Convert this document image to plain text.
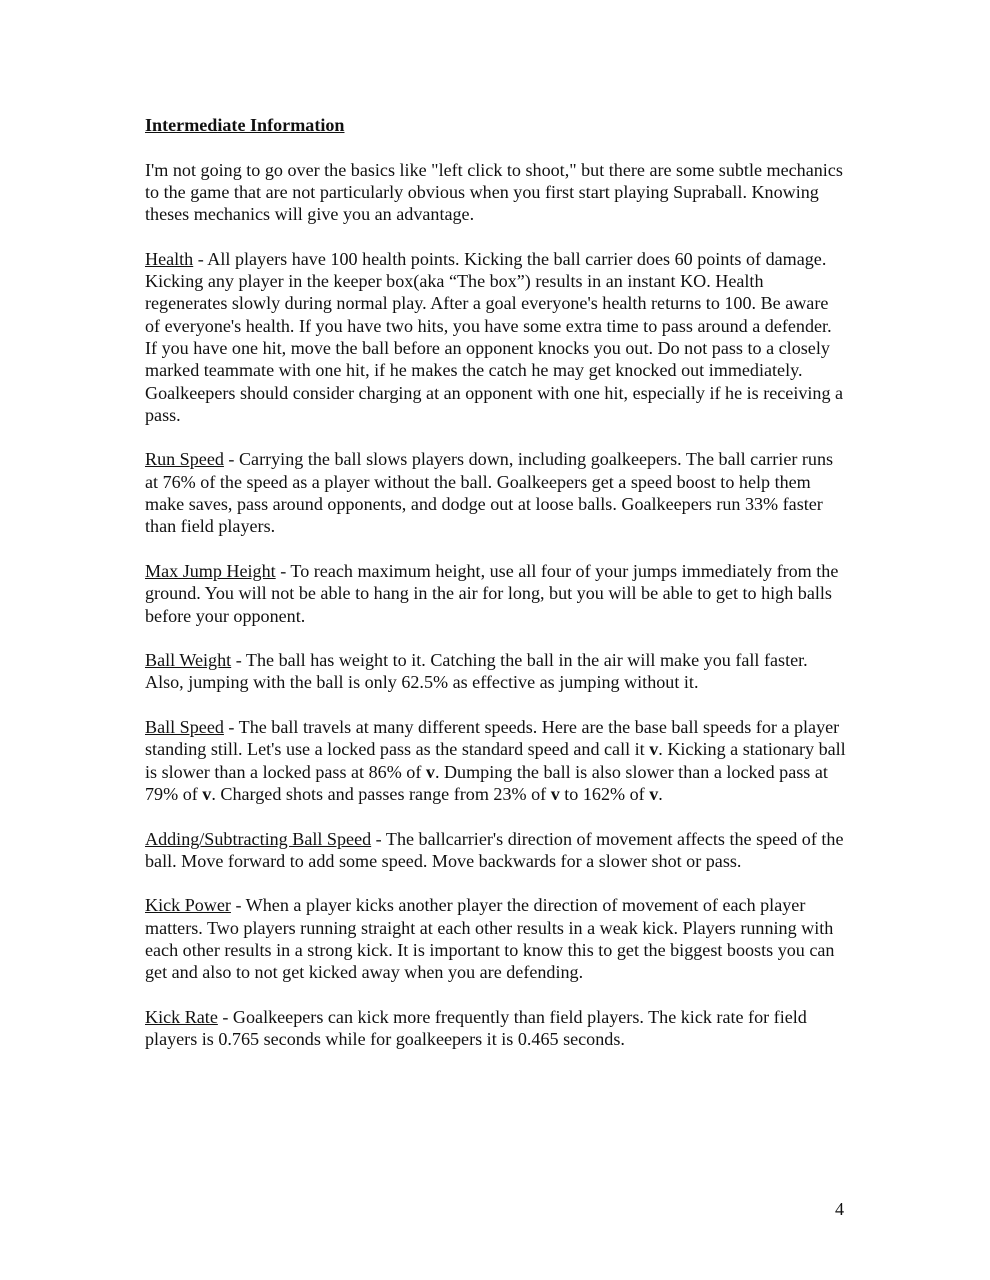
Intermediate Information

I'm not going to go over the basics like "left click to shoot," but there are some subtle mechanics to the game that are not particularly obvious when you first start playing Supraball. Knowing theses mechanics will give you an advantage.

Health - All players have 100 health points. Kicking the ball carrier does 60 points of damage. Kicking any player in the keeper box(aka “The box”) results in an instant KO. Health regenerates slowly during normal play. After a goal everyone's health returns to 100. Be aware of everyone's health. If you have two hits, you have some extra time to pass around a defender. If you have one hit, move the ball before an opponent knocks you out. Do not pass to a closely marked teammate with one hit, if he makes the catch he may get knocked out immediately. Goalkeepers should consider charging at an opponent with one hit, especially if he is receiving a pass.

Run Speed - Carrying the ball slows players down, including goalkeepers. The ball carrier runs at 76% of the speed as a player without the ball. Goalkeepers get a speed boost to help them make saves, pass around opponents, and dodge out at loose balls. Goalkeepers run 33% faster than field players.

Max Jump Height - To reach maximum height, use all four of your jumps immediately from the ground. You will not be able to hang in the air for long, but you will be able to get to high balls before your opponent.

Ball Weight - The ball has weight to it. Catching the ball in the air will make you fall faster. Also, jumping with the ball is only 62.5% as effective as jumping without it.

Ball Speed - The ball travels at many different speeds. Here are the base ball speeds for a player standing still. Let's use a locked pass as the standard speed and call it v. Kicking a stationary ball is slower than a locked pass at 86% of v. Dumping the ball is also slower than a locked pass at 79% of v. Charged shots and passes range from 23% of v to 162% of v.

Adding/Subtracting Ball Speed - The ballcarrier's direction of movement affects the speed of the ball. Move forward to add some speed. Move backwards for a slower shot or pass.

Kick Power - When a player kicks another player the direction of movement of each player matters. Two players running straight at each other results in a weak kick. Players running with each other results in a strong kick. It is important to know this to get the biggest boosts you can get and also to not get kicked away when you are defending.

Kick Rate - Goalkeepers can kick more frequently than field players. The kick rate for field players is 0.765 seconds while for goalkeepers it is 0.465 seconds.

4
